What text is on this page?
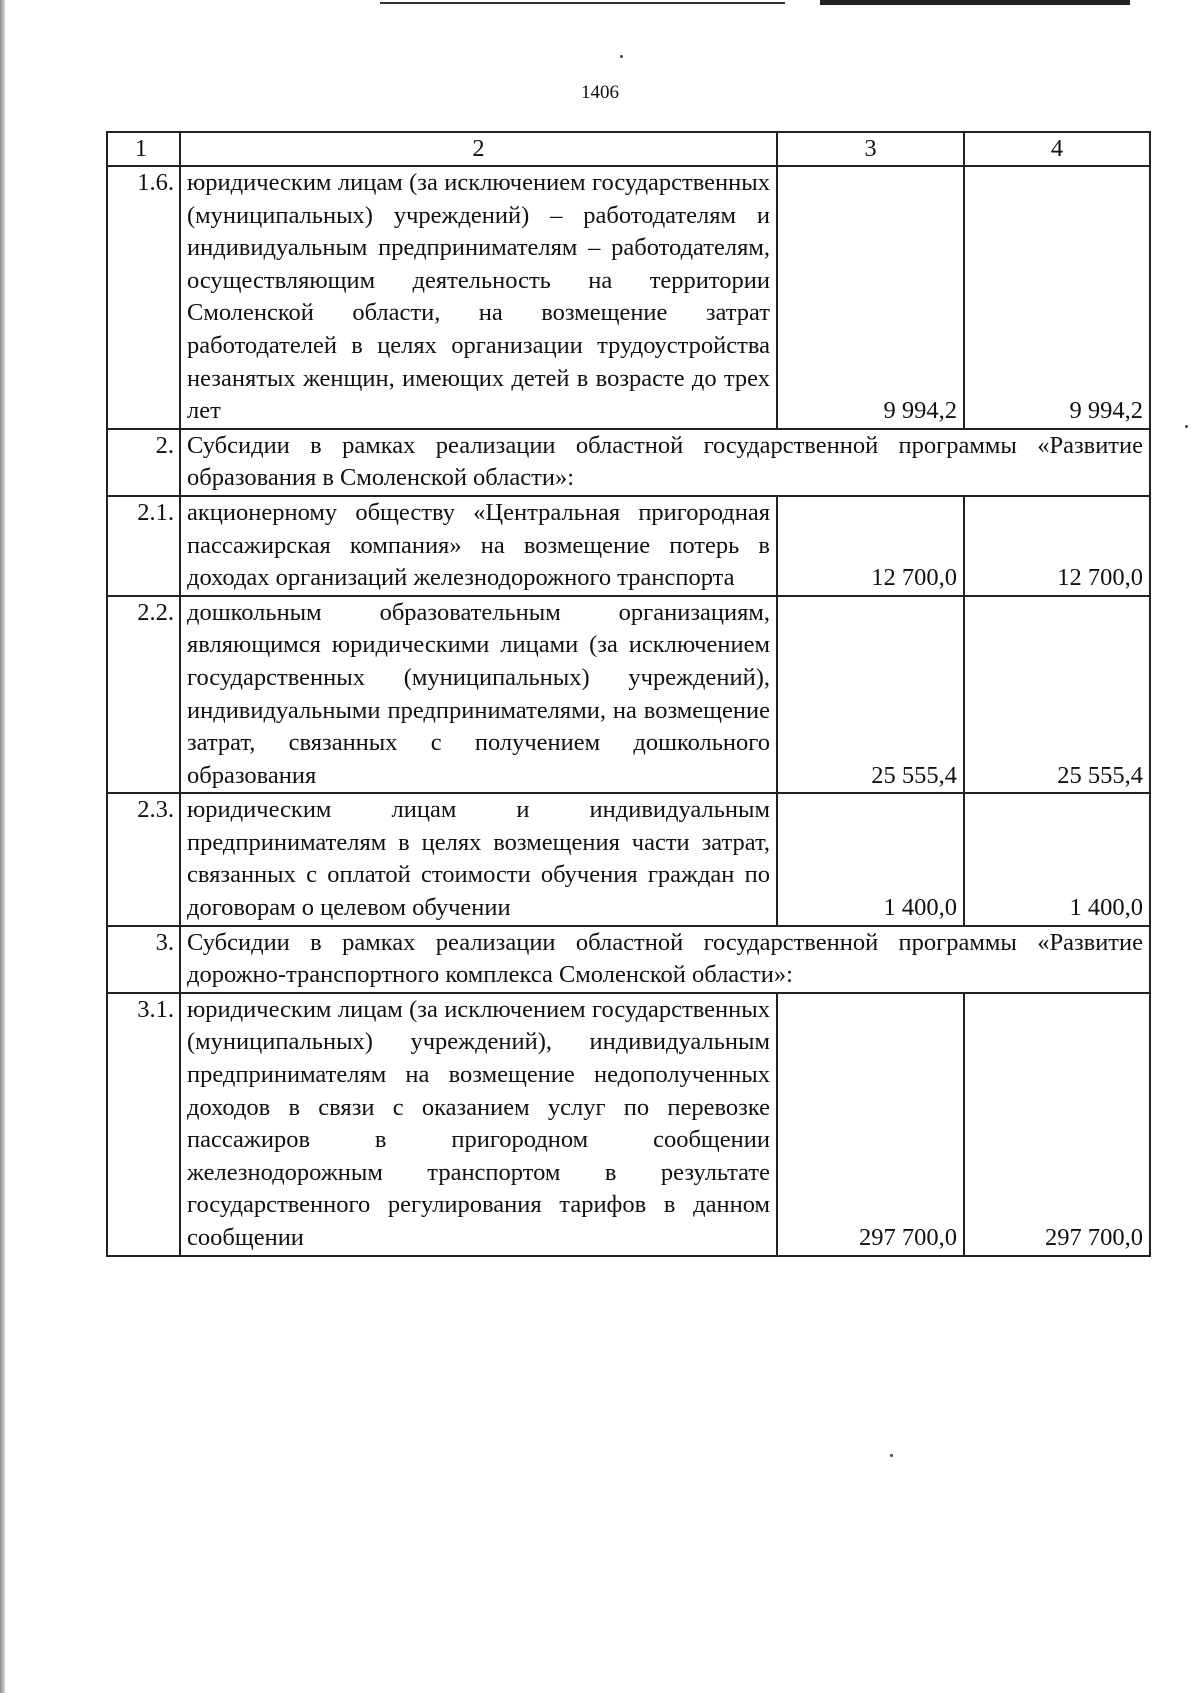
1406
1	2	3	4
1.6.	юридическим лицам (за исключением государственных (муниципальных) учреждений) – работодателям и индивидуальным предпринимателям – работодателям, осуществляющим деятельность на территории Смоленской области, на возмещение затрат работодателей в целях организации трудоустройства незанятых женщин, имеющих детей в возрасте до трех лет	9 994,2	9 994,2
2.	Субсидии в рамках реализации областной государственной программы «Развитие образования в Смоленской области»:		
2.1.	акционерному обществу «Центральная пригородная пассажирская компания» на возмещение потерь в доходах организаций железнодорожного транспорта	12 700,0	12 700,0
2.2.	дошкольным образовательным организациям, являющимся юридическими лицами (за исключением государственных (муниципальных) учреждений), индивидуальными предпринимателями, на возмещение затрат, связанных с получением дошкольного образования	25 555,4	25 555,4
2.3.	юридическим лицам и индивидуальным предпринимателям в целях возмещения части затрат, связанных с оплатой стоимости обучения граждан по договорам о целевом обучении	1 400,0	1 400,0
3.	Субсидии в рамках реализации областной государственной программы «Развитие дорожно-транспортного комплекса Смоленской области»:		
3.1.	юридическим лицам (за исключением государственных (муниципальных) учреждений), индивидуальным предпринимателям на возмещение недополученных доходов в связи с оказанием услуг по перевозке пассажиров в пригородном сообщении железнодорожным транспортом в результате государственного регулирования тарифов в данном сообщении	297 700,0	297 700,0
